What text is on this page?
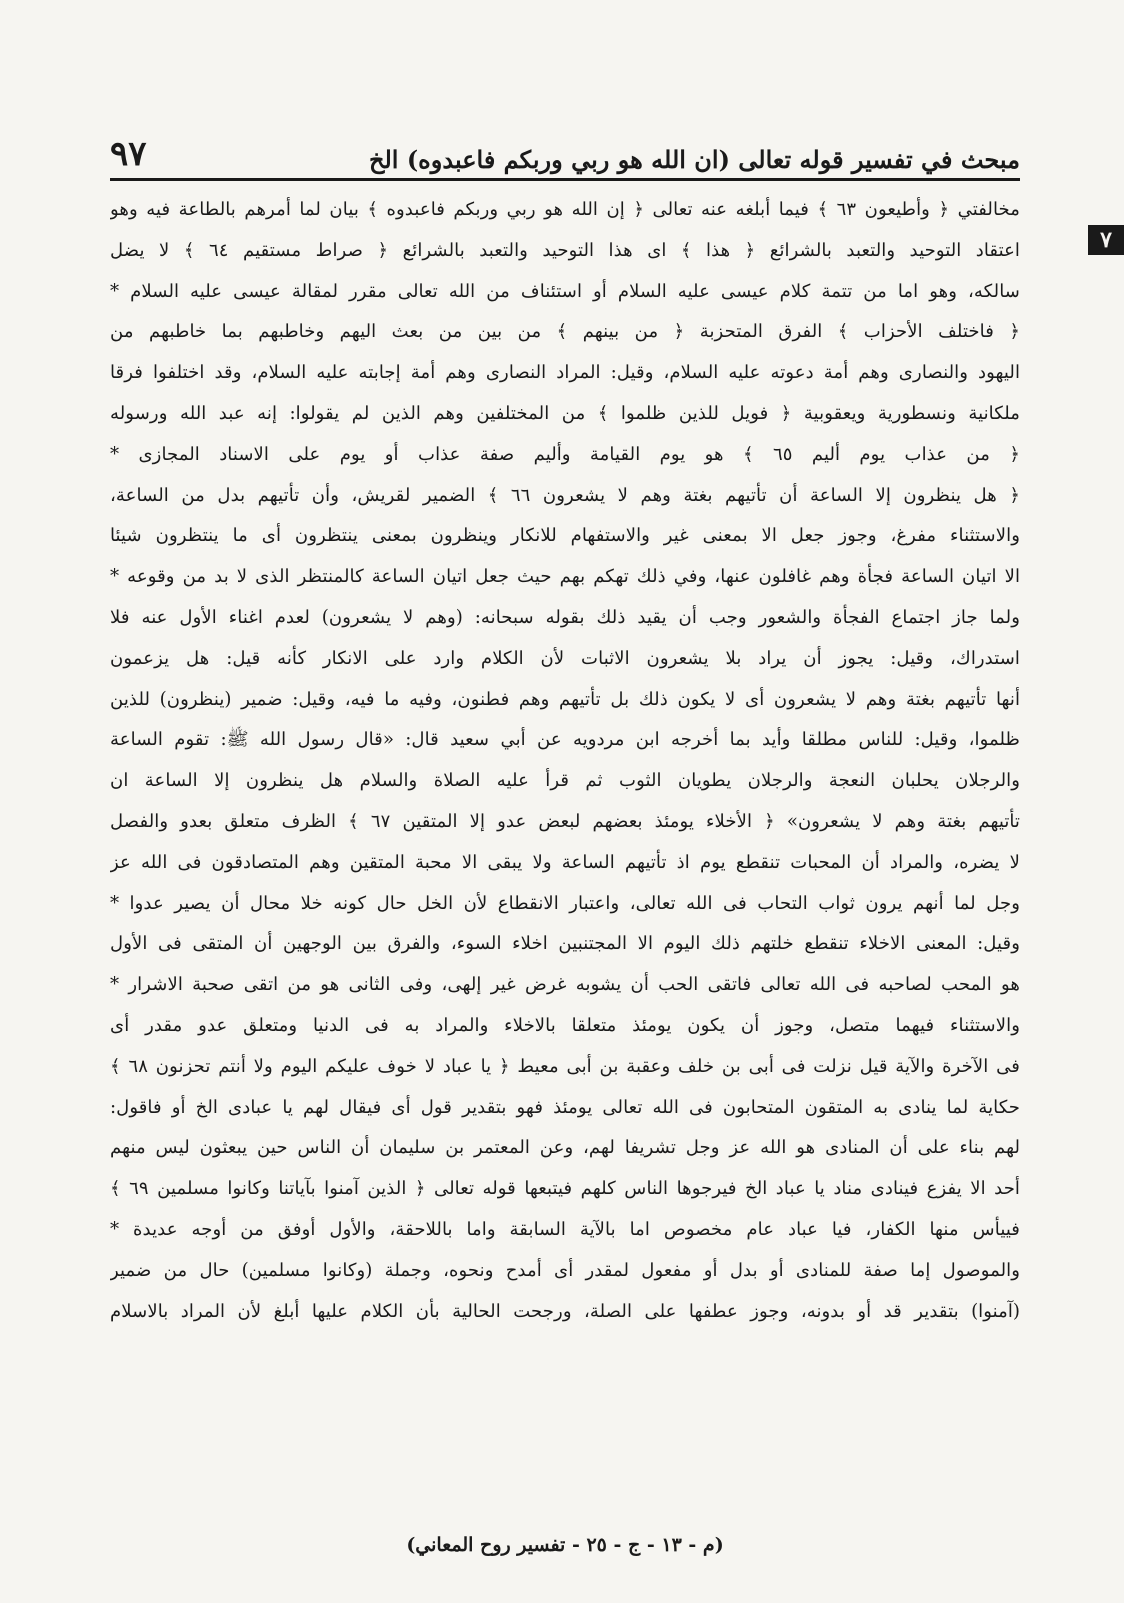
مبحث في تفسير قوله تعالى (ان الله هو ربي وربكم فاعبدوه) الخ
٩٧
٧
مخالفتي ﴿ وأطيعون ٦٣ ﴾ فيما أبلغه عنه تعالى ﴿ إن الله هو ربي وربكم فاعبدوه ﴾ بيان لما أمرهم بالطاعة فيه وهو
اعتقاد التوحيد والتعبد بالشرائع ﴿ هذا ﴾ اى هذا التوحيد والتعبد بالشرائع ﴿ صراط مستقيم ٦٤ ﴾ لا يضل
سالكه، وهو اما من تتمة كلام عيسى عليه السلام أو استئناف من الله تعالى مقرر لمقالة عيسى عليه السلام *
﴿ فاختلف الأحزاب ﴾ الفرق المتحزبة ﴿ من بينهم ﴾ من بين من بعث اليهم وخاطبهم بما خاطبهم من
اليهود والنصارى وهم أمة دعوته عليه السلام، وقيل: المراد النصارى وهم أمة إجابته عليه السلام، وقد اختلفوا فرقا
ملكانية ونسطورية ويعقوبية ﴿ فويل للذين ظلموا ﴾ من المختلفين وهم الذين لم يقولوا: إنه عبد الله ورسوله
﴿ من عذاب يوم أليم ٦٥ ﴾ هو يوم القيامة وأليم صفة عذاب أو يوم على الاسناد المجازى *
﴿ هل ينظرون إلا الساعة أن تأتيهم بغتة وهم لا يشعرون ٦٦ ﴾ الضمير لقريش، وأن تأتيهم بدل من الساعة،
والاستثناء مفرغ، وجوز جعل الا بمعنى غير والاستفهام للانكار وينظرون بمعنى ينتظرون أى ما ينتظرون شيئا
الا اتيان الساعة فجأة وهم غافلون عنها، وفي ذلك تهكم بهم حيث جعل اتيان الساعة كالمنتظر الذى لا بد من وقوعه *
ولما جاز اجتماع الفجأة والشعور وجب أن يقيد ذلك بقوله سبحانه: (وهم لا يشعرون) لعدم اغناء الأول عنه فلا
استدراك، وقيل: يجوز أن يراد بلا يشعرون الاثبات لأن الكلام وارد على الانكار كأنه قيل: هل يزعمون
أنها تأتيهم بغتة وهم لا يشعرون أى لا يكون ذلك بل تأتيهم وهم فطنون، وفيه ما فيه، وقيل: ضمير (ينظرون) للذين
ظلموا، وقيل: للناس مطلقا وأيد بما أخرجه ابن مردويه عن أبي سعيد قال: «قال رسول الله ﷺ: تقوم الساعة
والرجلان يحلبان النعجة والرجلان يطويان الثوب ثم قرأ عليه الصلاة والسلام هل ينظرون إلا الساعة ان
تأتيهم بغتة وهم لا يشعرون» ﴿ الأخلاء يومئذ بعضهم لبعض عدو إلا المتقين ٦٧ ﴾ الظرف متعلق بعدو والفصل
لا يضره، والمراد أن المحبات تنقطع يوم اذ تأتيهم الساعة ولا يبقى الا محبة المتقين وهم المتصادقون فى الله عز
وجل لما أنهم يرون ثواب التحاب فى الله تعالى، واعتبار الانقطاع لأن الخل حال كونه خلا محال أن يصير عدوا *
وقيل: المعنى الاخلاء تنقطع خلتهم ذلك اليوم الا المجتنبين اخلاء السوء، والفرق بين الوجهين أن المتقى فى الأول
هو المحب لصاحبه فى الله تعالى فاتقى الحب أن يشوبه غرض غير إلهى، وفى الثانى هو من اتقى صحبة الاشرار *
والاستثناء فيهما متصل، وجوز أن يكون يومئذ متعلقا بالاخلاء والمراد به فى الدنيا ومتعلق عدو مقدر أى
فى الآخرة والآية قيل نزلت فى أبى بن خلف وعقبة بن أبى معيط ﴿ يا عباد لا خوف عليكم اليوم ولا أنتم تحزنون ٦٨ ﴾
حكاية لما ينادى به المتقون المتحابون فى الله تعالى يومئذ فهو بتقدير قول أى فيقال لهم يا عبادى الخ أو فاقول:
لهم بناء على أن المنادى هو الله عز وجل تشريفا لهم، وعن المعتمر بن سليمان أن الناس حين يبعثون ليس منهم
أحد الا يفزع فينادى مناد يا عباد الخ فيرجوها الناس كلهم فيتبعها قوله تعالى ﴿ الذين آمنوا بآياتنا وكانوا مسلمين ٦٩ ﴾
فييأس منها الكفار، فيا عباد عام مخصوص اما بالآية السابقة واما باللاحقة، والأول أوفق من أوجه عديدة *
والموصول إما صفة للمنادى أو بدل أو مفعول لمقدر أى أمدح ونحوه، وجملة (وكانوا مسلمين) حال من ضمير
(آمنوا) بتقدير قد أو بدونه، وجوز عطفها على الصلة، ورجحت الحالية بأن الكلام عليها أبلغ لأن المراد بالاسلام
(م - ١٣ - ج - ٢٥ - تفسير روح المعاني)
